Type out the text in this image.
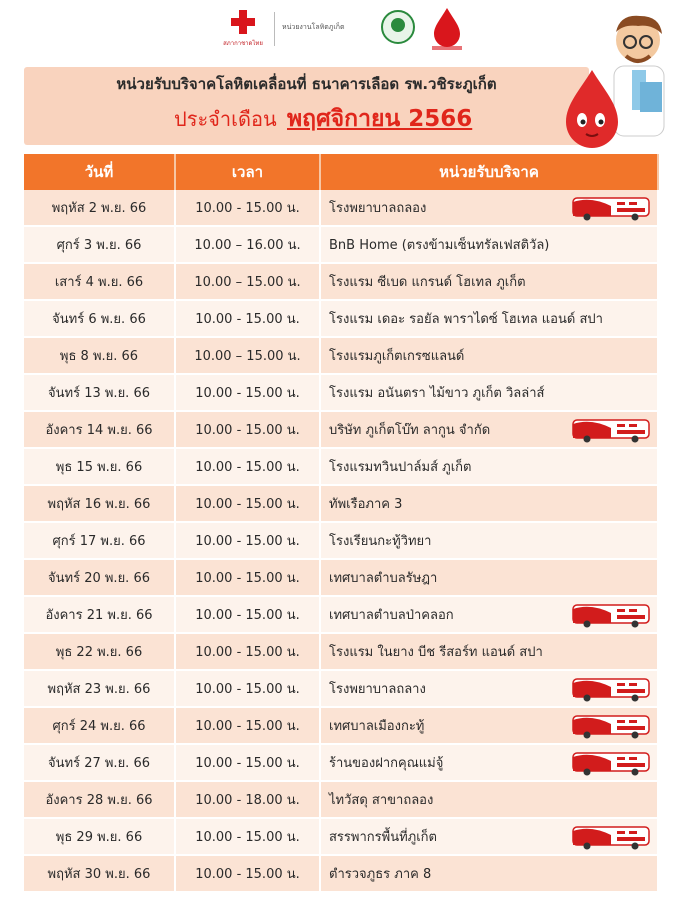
สภากาชาดไทย
หน่วยงานโลหิตภูเก็ต
หน่วยรับบริจาคโลหิตเคลื่อนที่ ธนาคารเลือด รพ.วชิระภูเก็ต
ประจำเดือน พฤศจิกายน 2566
วันที่	เวลา	หน่วยรับบริจาค
พฤหัส 2 พ.ย. 66	10.00 - 15.00 น. โรงพยาบาลถลอง
ศุกร์ 3 พ.ย. 66	10.00 – 16.00 น. BnB Home (ตรงข้ามเซ็นทรัลเฟสติวัล)
เสาร์ 4 พ.ย. 66	10.00 – 15.00 น. โรงแรม ซีเบด แกรนด์ โฮเทล ภูเก็ต
จันทร์ 6 พ.ย. 66	10.00 - 15.00 น. โรงแรม เดอะ รอยัล พาราไดซ์ โฮเทล แอนด์ สปา
พุธ 8 พ.ย. 66	10.00 – 15.00 น. โรงแรมภูเก็ตเกรซแลนด์
จันทร์ 13 พ.ย. 66	10.00 - 15.00 น. โรงแรม อนันตรา ไม้ขาว ภูเก็ต วิลล่าส์
อังคาร 14 พ.ย. 66	10.00 - 15.00 น. บริษัท ภูเก็ตโบ๊ท ลากูน จำกัด
พุธ 15 พ.ย. 66	10.00 - 15.00 น. โรงแรมทวินปาล์มส์ ภูเก็ต
พฤหัส 16 พ.ย. 66	10.00 - 15.00 น. ทัพเรือภาค 3
ศุกร์ 17 พ.ย. 66	10.00 - 15.00 น. โรงเรียนกะทู้วิทยา
จันทร์ 20 พ.ย. 66	10.00 - 15.00 น. เทศบาลตำบลรัษฎา
อังคาร 21 พ.ย. 66	10.00 - 15.00 น. เทศบาลตำบลป่าคลอก
พุธ 22 พ.ย. 66	10.00 - 15.00 น. โรงแรม ในยาง บีช รีสอร์ท แอนด์ สปา
พฤหัส 23 พ.ย. 66	10.00 - 15.00 น. โรงพยาบาลถลาง
ศุกร์ 24 พ.ย. 66	10.00 - 15.00 น. เทศบาลเมืองกะทู้
จันทร์ 27 พ.ย. 66	10.00 - 15.00 น. ร้านของฝากคุณแม่จู้
อังคาร 28 พ.ย. 66	10.00 - 18.00 น. ไทวัสดุ สาขาถลอง
พุธ 29 พ.ย. 66	10.00 - 15.00 น. สรรพากรพื้นที่ภูเก็ต
พฤหัส 30 พ.ย. 66	10.00 - 15.00 น. ตำรวจภูธร ภาค 8
